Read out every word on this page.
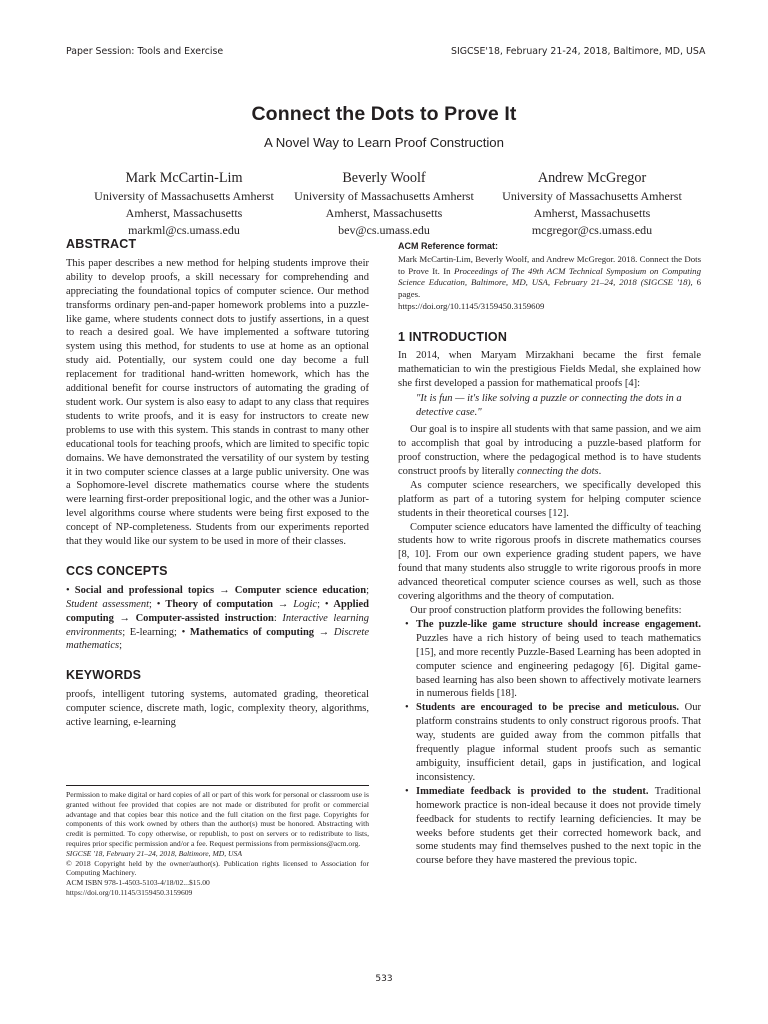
Paper Session: Tools and Exercise	SIGCSE'18, February 21-24, 2018, Baltimore, MD, USA
Connect the Dots to Prove It
A Novel Way to Learn Proof Construction
Mark McCartin-Lim
University of Massachusetts Amherst
Amherst, Massachusetts
markml@cs.umass.edu
Beverly Woolf
University of Massachusetts Amherst
Amherst, Massachusetts
bev@cs.umass.edu
Andrew McGregor
University of Massachusetts Amherst
Amherst, Massachusetts
mcgregor@cs.umass.edu
ABSTRACT

This paper describes a new method for helping students improve their ability to develop proofs, a skill necessary for comprehending and appreciating the foundational topics of computer science. Our method transforms ordinary pen-and-paper homework problems into a puzzle-like game, where students connect dots to justify assertions, in a quest to reach a desired goal. We have implemented a software tutoring system using this method, for students to use at home as an optional study aid. Potentially, our system could one day become a full replacement for traditional hand-written homework, which has the additional benefit for course instructors of automating the grading of student work. Our system is also easy to adapt to any class that requires students to write proofs, and it is easy for instructors to create new problems to use with this system. This stands in contrast to many other educational tools for teaching proofs, which are limited to specific topic domains. We have demonstrated the versatility of our system by testing it in two computer science classes at a large public university. One was a Sophomore-level discrete mathematics course where the students were learning first-order prepositional logic, and the other was a Junior-level algorithms course where students were being first exposed to the concept of NP-completeness. Students from our experiments reported that they would like our system to be used in more of their classes.

CCS CONCEPTS

• Social and professional topics → Computer science education; Student assessment; • Theory of computation → Logic; • Applied computing → Computer-assisted instruction: Interactive learning environments; E-learning; • Mathematics of computing → Discrete mathematics;

KEYWORDS

proofs, intelligent tutoring systems, automated grading, theoretical computer science, discrete math, logic, complexity theory, algorithms, active learning, e-learning

Permission to make digital or hard copies of all or part of this work for personal or classroom use is granted without fee provided that copies are not made or distributed for profit or commercial advantage and that copies bear this notice and the full citation on the first page. Copyrights for components of this work owned by others than the author(s) must be honored. Abstracting with credit is permitted. To copy otherwise, or republish, to post on servers or to redistribute to lists, requires prior specific permission and/or a fee. Request permissions from permissions@acm.org.
SIGCSE '18, February 21–24, 2018, Baltimore, MD, USA
© 2018 Copyright held by the owner/author(s). Publication rights licensed to Association for Computing Machinery.
ACM ISBN 978-1-4503-5103-4/18/02...$15.00
https://doi.org/10.1145/3159450.3159609
ACM Reference format:
Mark McCartin-Lim, Beverly Woolf, and Andrew McGregor. 2018. Connect the Dots to Prove It. In Proceedings of The 49th ACM Technical Symposium on Computing Science Education, Baltimore, MD, USA, February 21–24, 2018 (SIGCSE '18), 6 pages.
https://doi.org/10.1145/3159450.3159609
1 INTRODUCTION

In 2014, when Maryam Mirzakhani became the first female mathematician to win the prestigious Fields Medal, she explained how she first developed a passion for mathematical proofs [4]:

"It is fun — it's like solving a puzzle or connecting the dots in a detective case."

Our goal is to inspire all students with that same passion, and we aim to accomplish that goal by introducing a puzzle-based platform for proof construction, where the pedagogical method is to have students construct proofs by literally connecting the dots.

As computer science researchers, we specifically developed this platform as part of a tutoring system for helping computer science students in their theoretical courses [12].

Computer science educators have lamented the difficulty of teaching students how to write rigorous proofs in discrete mathematics courses [8, 10]. From our own experience grading student papers, we have found that many students also struggle to write rigorous proofs in more advanced theoretical computer science courses as well, such as those covering algorithms and the theory of computation.

Our proof construction platform provides the following benefits:

• The puzzle-like game structure should increase engagement. Puzzles have a rich history of being used to teach mathematics [15], and more recently Puzzle-Based Learning has been adopted in computer science and engineering pedagogy [6]. Digital game-based learning has also been shown to affectively motivate learners in numerous fields [18].
• Students are encouraged to be precise and meticulous. Our platform constrains students to only construct rigorous proofs. That way, students are guided away from the common pitfalls that frequently plague informal student proofs such as semantic ambiguity, insufficient detail, gaps in justification, and logical inconsistency.
• Immediate feedback is provided to the student. Traditional homework practice is non-ideal because it does not provide timely feedback for students to rectify learning deficiencies. It may be weeks before students get their corrected homework back, and some students may find themselves pushed to the next topic in the course before they have mastered the previous topic.
533
